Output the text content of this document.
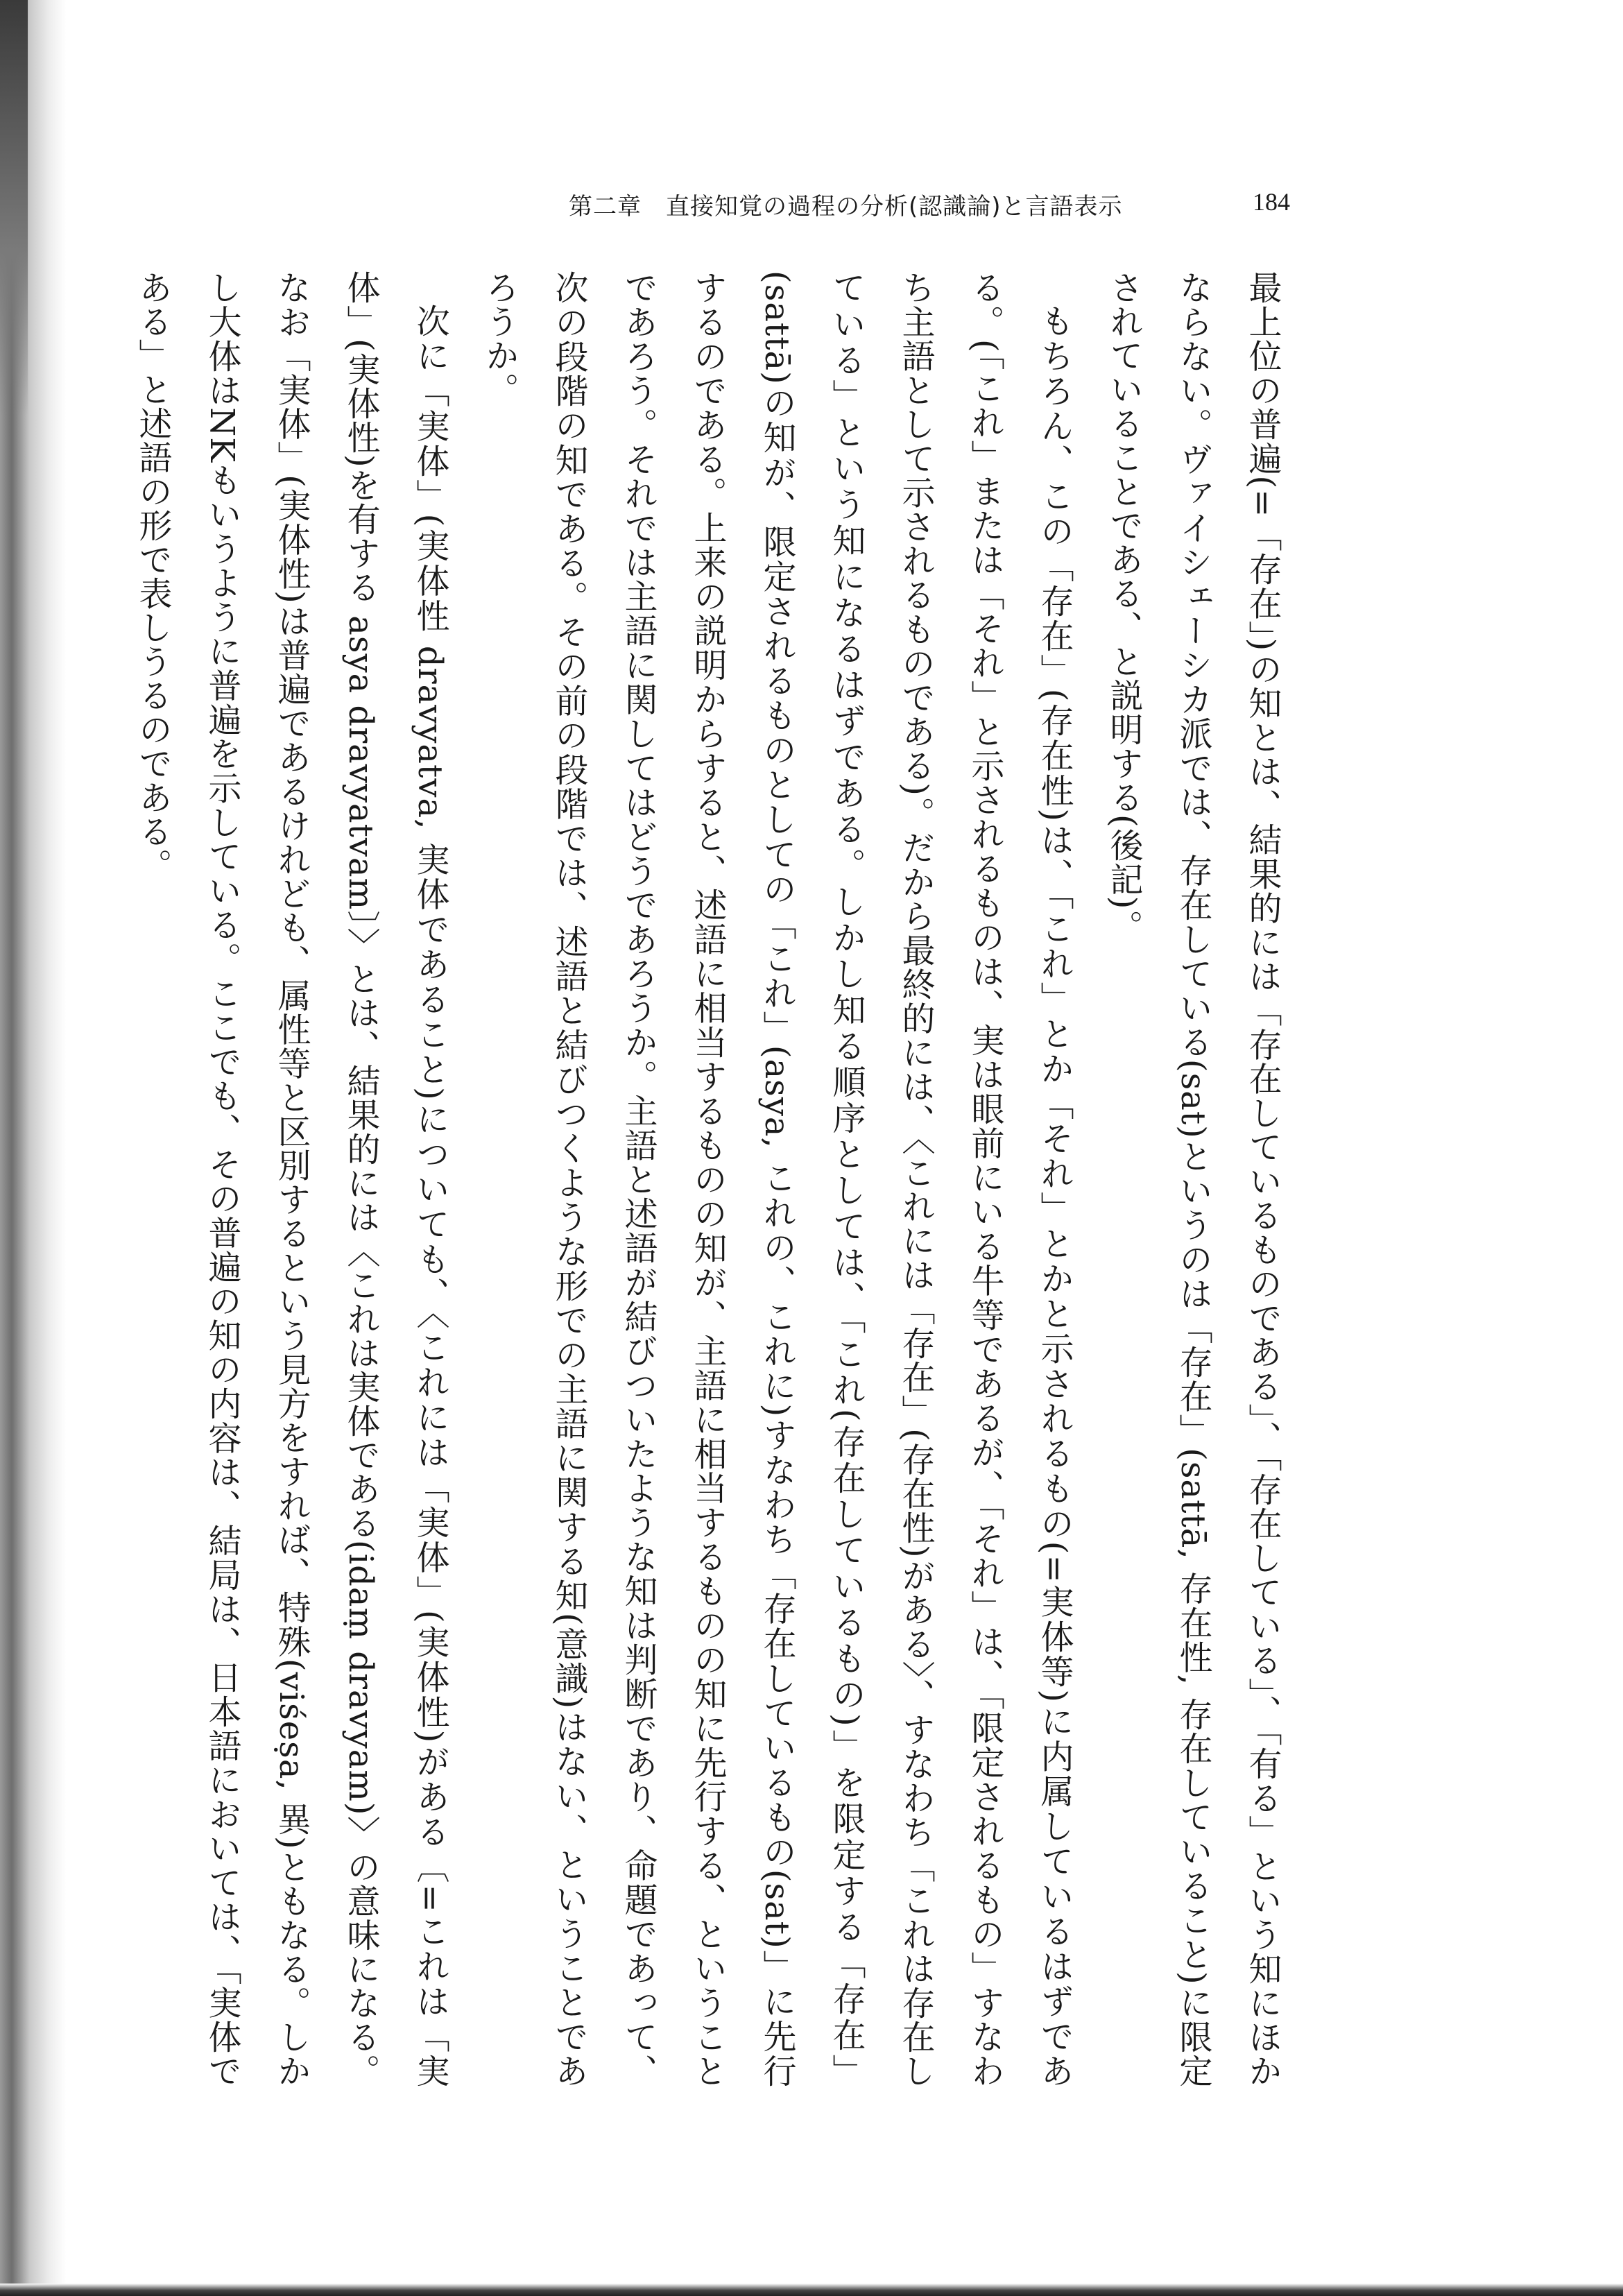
第二章　直接知覚の過程の分析(認識論)と言語表示	184

最上位の普遍(=「存在」)の知とは、結果的には「存在しているものである」、「存在している」、「有る」という知にほかならない。ヴァイシェーシカ派では、存在している(sat)というのは「存在」(sattā, 存在性, 存在していること)に限定されていることである、と説明する(後記)。

もちろん、この「存在」(存在性)は、「これ」とか「それ」とかと示されるもの(=実体等)に内属しているはずである。(「これ」または「それ」と示されるものは、実は眼前にいる牛等であるが、「それ」は、「限定されるもの」すなわち主語として示されるものである)。だから最終的には、〈これには「存在」(存在性)がある〉、すなわち「これは存在している」という知になるはずである。しかし知る順序としては、「これ(存在しているもの)」を限定する「存在」(sattā)の知が、限定されるものとしての「これ」(asya, これの、これに)すなわち「存在しているもの(sat)」に先行するのである。上来の説明からすると、述語に相当するものの知が、主語に相当するものの知に先行する、ということであろう。それでは主語に関してはどうであろうか。主語と述語が結びついたような知は判断であり、命題であって、次の段階の知である。その前の段階では、述語と結びつくような形での主語に関する知(意識)はない、ということであろうか。

次に「実体」(実体性 dravyatva, 実体であること)についても、〈これには「実体」(実体性)がある〔=これは「実体」(実体性)を有する asya dravyatvam〕〉とは、結果的には〈これは実体である(idaṃ dravyam)〉の意味になる。なお「実体」(実体性)は普遍であるけれども、属性等と区別するという見方をすれば、特殊(viśeṣa, 異)ともなる。しかし大体はNKもいうように普遍を示している。ここでも、その普遍の知の内容は、結局は、日本語においては、「実体である」と述語の形で表しうるのである。
